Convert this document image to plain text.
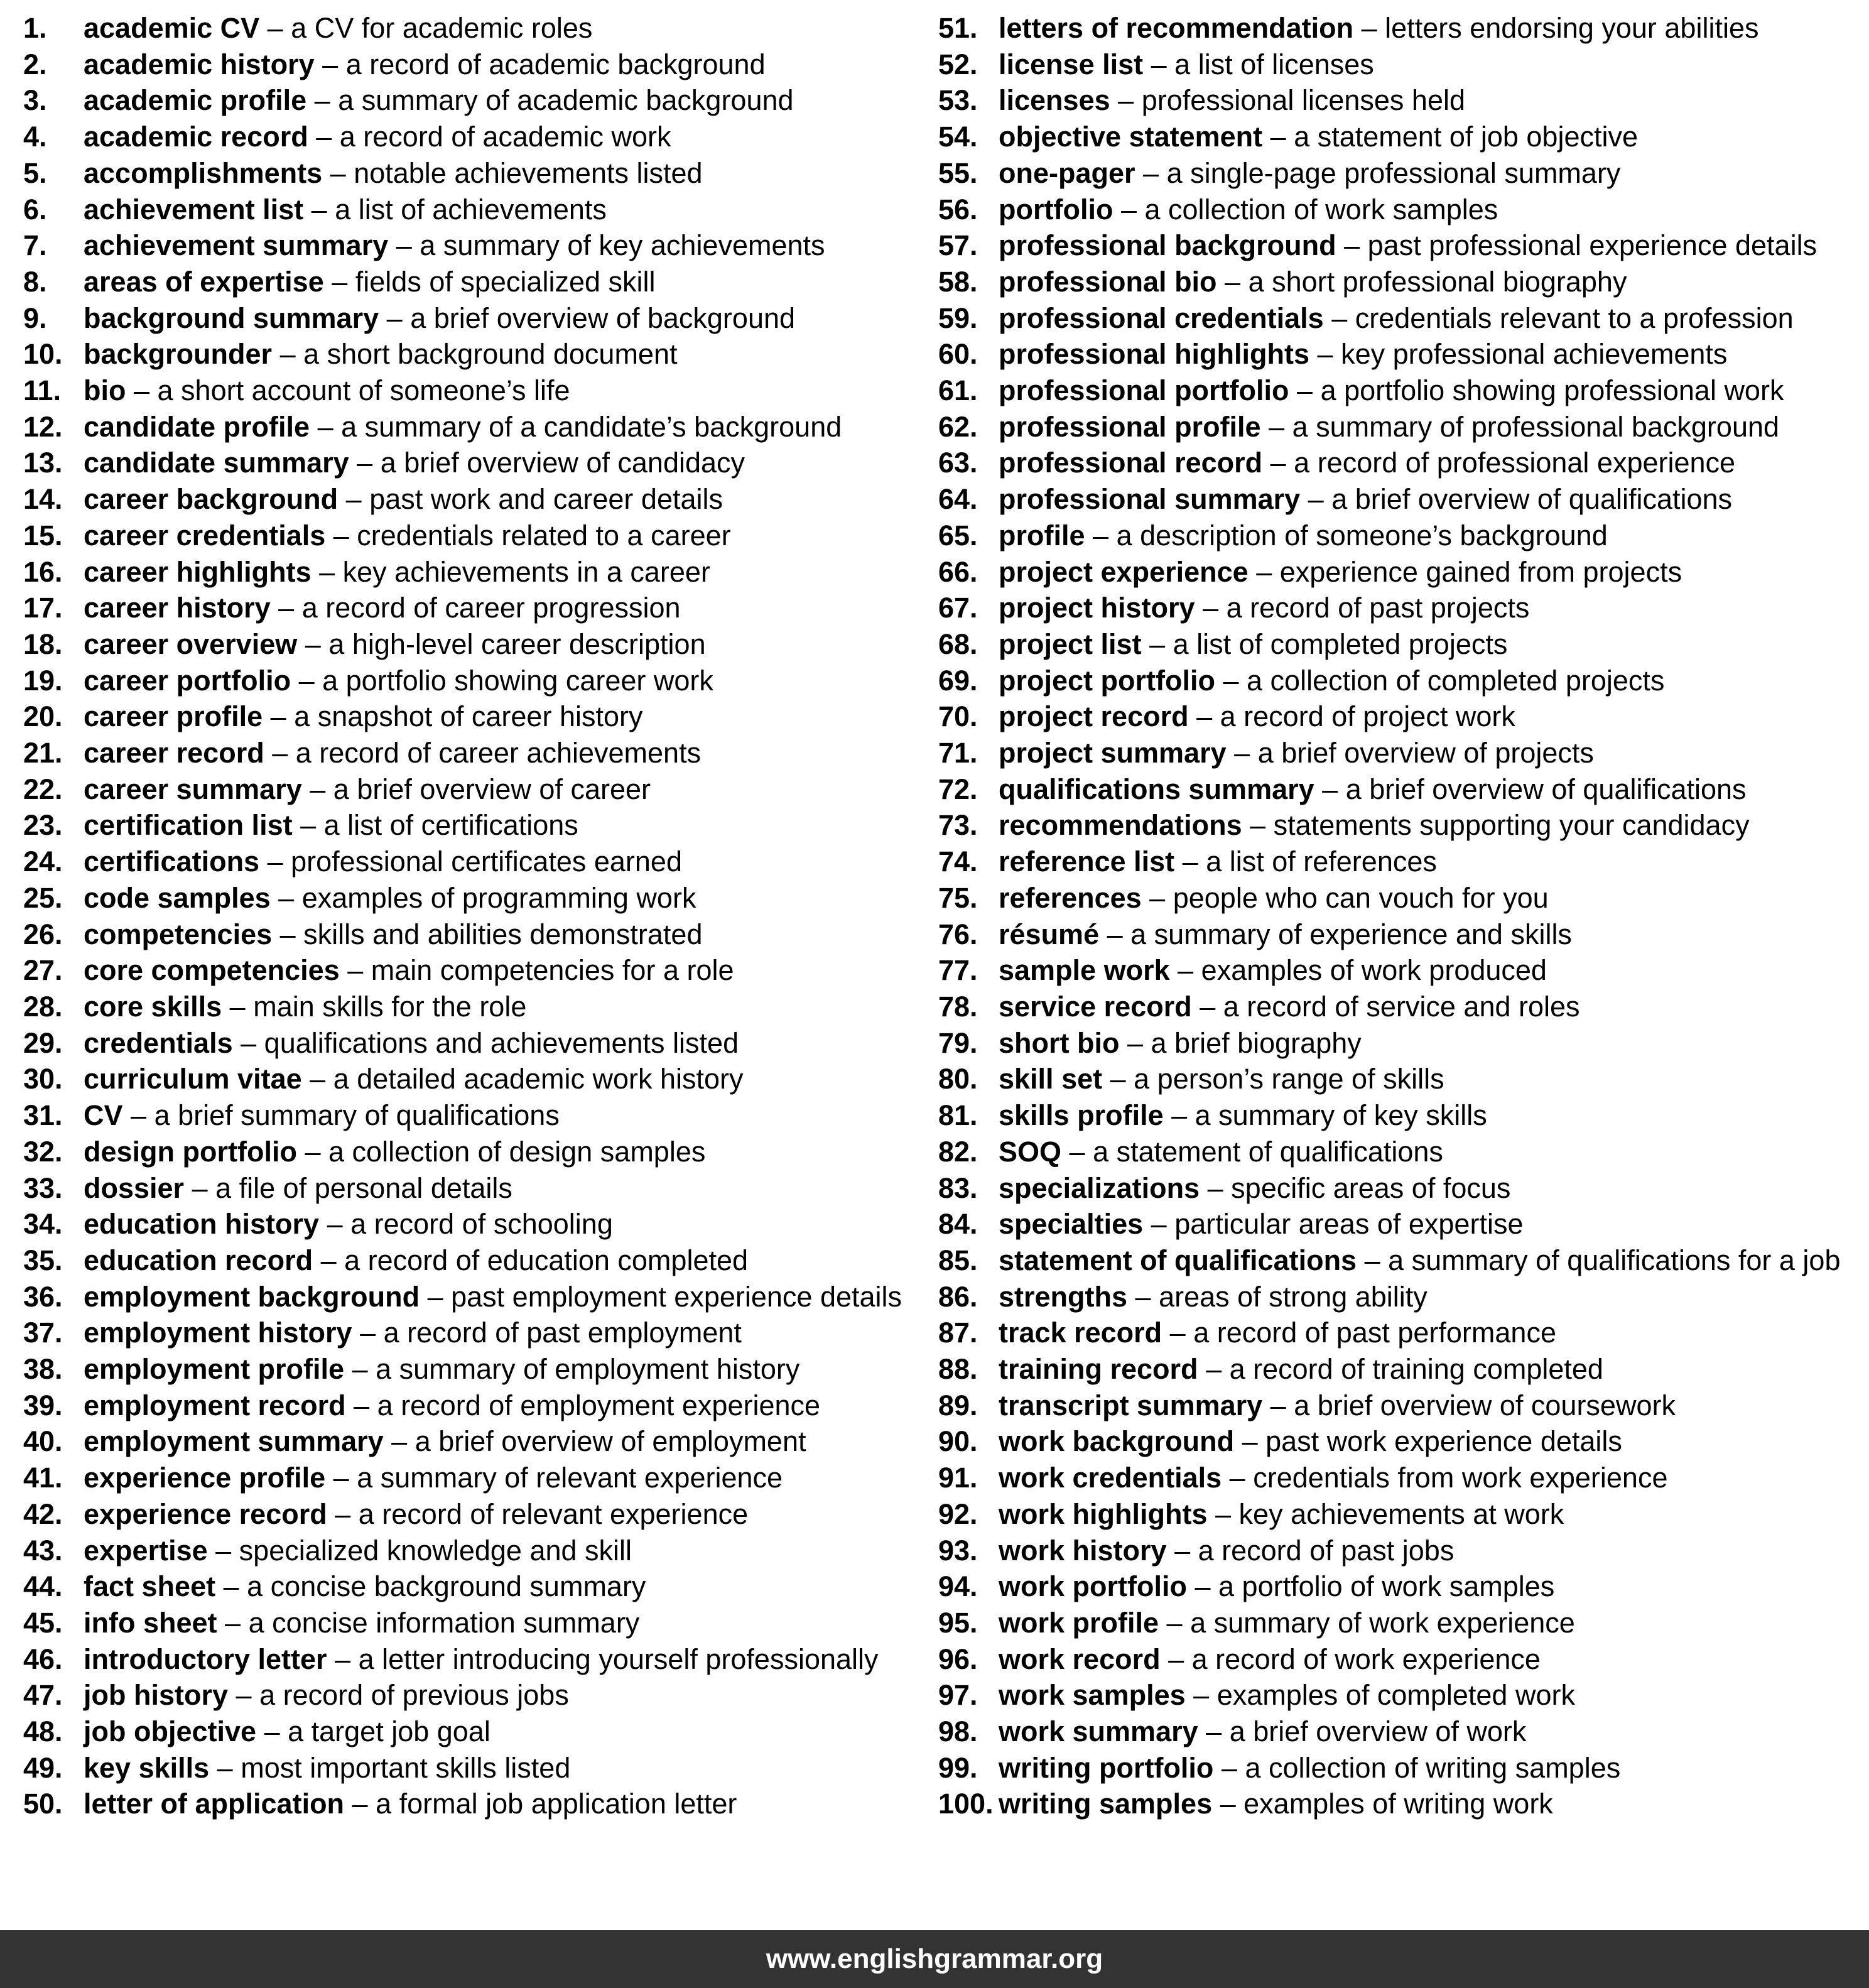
1.	academic CV – a CV for academic roles
2.	academic history – a record of academic background
3.	academic profile – a summary of academic background
4.	academic record – a record of academic work
5.	accomplishments – notable achievements listed
6.	achievement list – a list of achievements
7.	achievement summary – a summary of key achievements
8.	areas of expertise – fields of specialized skill
9.	background summary – a brief overview of background
10. backgrounder – a short background document
11. bio – a short account of someone’s life
12. candidate profile – a summary of a candidate’s background
13. candidate summary – a brief overview of candidacy
14. career background – past work and career details
15. career credentials – credentials related to a career
16. career highlights – key achievements in a career
17. career history – a record of career progression
18. career overview – a high-level career description
19. career portfolio – a portfolio showing career work
20. career profile – a snapshot of career history
21. career record – a record of career achievements
22. career summary – a brief overview of career
23. certification list – a list of certifications
24. certifications – professional certificates earned
25. code samples – examples of programming work
26. competencies – skills and abilities demonstrated
27. core competencies – main competencies for a role
28. core skills – main skills for the role
29. credentials – qualifications and achievements listed
30. curriculum vitae – a detailed academic work history
31. CV – a brief summary of qualifications
32. design portfolio – a collection of design samples
33. dossier – a file of personal details
34. education history – a record of schooling
35. education record – a record of education completed
36. employment background – past employment experience details
37. employment history – a record of past employment
38. employment profile – a summary of employment history
39. employment record – a record of employment experience
40. employment summary – a brief overview of employment
41. experience profile – a summary of relevant experience
42. experience record – a record of relevant experience
43. expertise – specialized knowledge and skill
44. fact sheet – a concise background summary
45. info sheet – a concise information summary
46. introductory letter – a letter introducing yourself professionally
47. job history – a record of previous jobs
48. job objective – a target job goal
49. key skills – most important skills listed
50. letter of application – a formal job application letter
51. letters of recommendation – letters endorsing your abilities
52. license list – a list of licenses
53. licenses – professional licenses held
54. objective statement – a statement of job objective
55. one-pager – a single-page professional summary
56. portfolio – a collection of work samples
57. professional background – past professional experience details
58. professional bio – a short professional biography
59. professional credentials – credentials relevant to a profession
60. professional highlights – key professional achievements
61. professional portfolio – a portfolio showing professional work
62. professional profile – a summary of professional background
63. professional record – a record of professional experience
64. professional summary – a brief overview of qualifications
65. profile – a description of someone’s background
66. project experience – experience gained from projects
67. project history – a record of past projects
68. project list – a list of completed projects
69. project portfolio – a collection of completed projects
70. project record – a record of project work
71. project summary – a brief overview of projects
72. qualifications summary – a brief overview of qualifications
73. recommendations – statements supporting your candidacy
74. reference list – a list of references
75. references – people who can vouch for you
76. résumé – a summary of experience and skills
77. sample work – examples of work produced
78. service record – a record of service and roles
79. short bio – a brief biography
80. skill set – a person’s range of skills
81. skills profile – a summary of key skills
82. SOQ – a statement of qualifications
83. specializations – specific areas of focus
84. specialties – particular areas of expertise
85. statement of qualifications – a summary of qualifications for a job
86. strengths – areas of strong ability
87. track record – a record of past performance
88. training record – a record of training completed
89. transcript summary – a brief overview of coursework
90. work background – past work experience details
91. work credentials – credentials from work experience
92. work highlights – key achievements at work
93. work history – a record of past jobs
94. work portfolio – a portfolio of work samples
95. work profile – a summary of work experience
96. work record – a record of work experience
97. work samples – examples of completed work
98. work summary – a brief overview of work
99. writing portfolio – a collection of writing samples
100. writing samples – examples of writing work
www.englishgrammar.org
